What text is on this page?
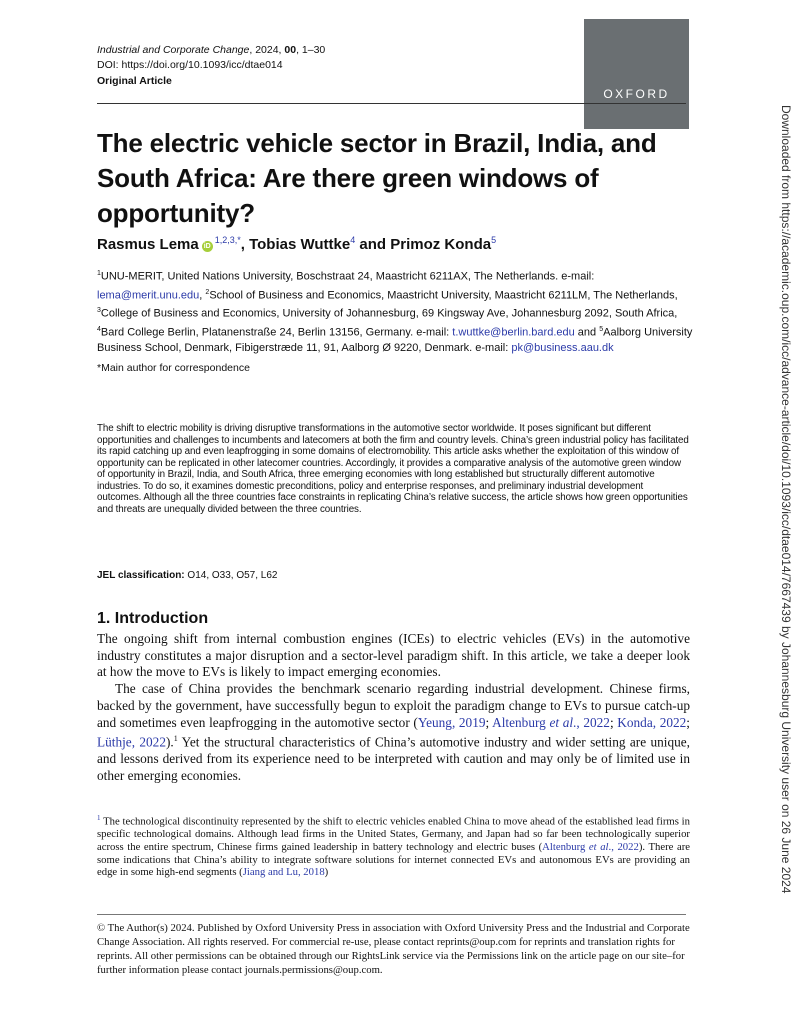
Industrial and Corporate Change, 2024, 00, 1–30
DOI: https://doi.org/10.1093/icc/dtae014
Original Article
OXFORD
The electric vehicle sector in Brazil, India, and South Africa: Are there green windows of opportunity?
Rasmus Lema $iD^{1,2,3,*}$, Tobias Wuttke$^4$ and Primoz Konda$^5$
$^1$UNU-MERIT, United Nations University, Boschstraat 24, Maastricht 6211AX, The Netherlands. e-mail: lema@merit.unu.edu, $^2$School of Business and Economics, Maastricht University, Maastricht 6211LM, The Netherlands, $^3$College of Business and Economics, University of Johannesburg, 69 Kingsway Ave, Johannesburg 2092, South Africa, $^4$Bard College Berlin, Platanenstraße 24, Berlin 13156, Germany. e-mail: t.wuttke@berlin.bard.edu and $^5$Aalborg University Business School, Denmark, Fibigerstræde 11, 91, Aalborg Ø 9220, Denmark. e-mail: pk@business.aau.dk
*Main author for correspondence
The shift to electric mobility is driving disruptive transformations in the automotive sector worldwide. It poses significant but different opportunities and challenges to incumbents and latecomers at both the firm and country levels. China’s green industrial policy has facilitated its rapid catching up and even leapfrogging in some domains of electromobility. This article asks whether the exploitation of this window of opportunity can be replicated in other latecomer countries. Accordingly, it provides a comparative analysis of the automotive green window of opportunity in Brazil, India, and South Africa, three emerging economies with long established but structurally different automotive industries. To do so, it examines domestic preconditions, policy and enterprise responses, and preliminary industrial development outcomes. Although all the three countries face constraints in replicating China’s relative success, the article shows how green opportunities and threats are unequally divided between the three countries.
JEL classification: O14, O33, O57, L62
1. Introduction

The ongoing shift from internal combustion engines (ICEs) to electric vehicles (EVs) in the automotive industry constitutes a major disruption and a sector-level paradigm shift. In this article, we take a deeper look at how the move to EVs is likely to impact emerging economies.

The case of China provides the benchmark scenario regarding industrial development. Chinese firms, backed by the government, have successfully begun to exploit the paradigm change to EVs to pursue catch-up and sometimes even leapfrogging in the automotive sector (Yeung, 2019; Altenburg et al., 2022; Konda, 2022; Lüthje, 2022).$^1$ Yet the structural characteristics of China’s automotive industry and wider setting are unique, and lessons derived from its experience need to be interpreted with caution and may only be of limited use in other emerging economies.

$^1$ The technological discontinuity represented by the shift to electric vehicles enabled China to move ahead of the established lead firms in specific technological domains. Although lead firms in the United States, Germany, and Japan had so far been technologically superior across the entire spectrum, Chinese firms gained leadership in battery technology and electric buses (Altenburg et al., 2022). There are some indications that China’s ability to integrate software solutions for internet connected EVs and autonomous EVs are providing an edge in some high-end segments (Jiang and Lu, 2018)
© The Author(s) 2024. Published by Oxford University Press in association with Oxford University Press and the Industrial and Corporate Change Association. All rights reserved. For commercial re-use, please contact reprints@oup.com for reprints and translation rights for reprints. All other permissions can be obtained through our RightsLink service via the Permissions link on the article page on our site–for further information please contact journals.permissions@oup.com.
Downloaded from https://academic.oup.com/icc/advance-article/doi/10.1093/icc/dtae014/7667439 by Johannesburg University user on 26 June 2024
